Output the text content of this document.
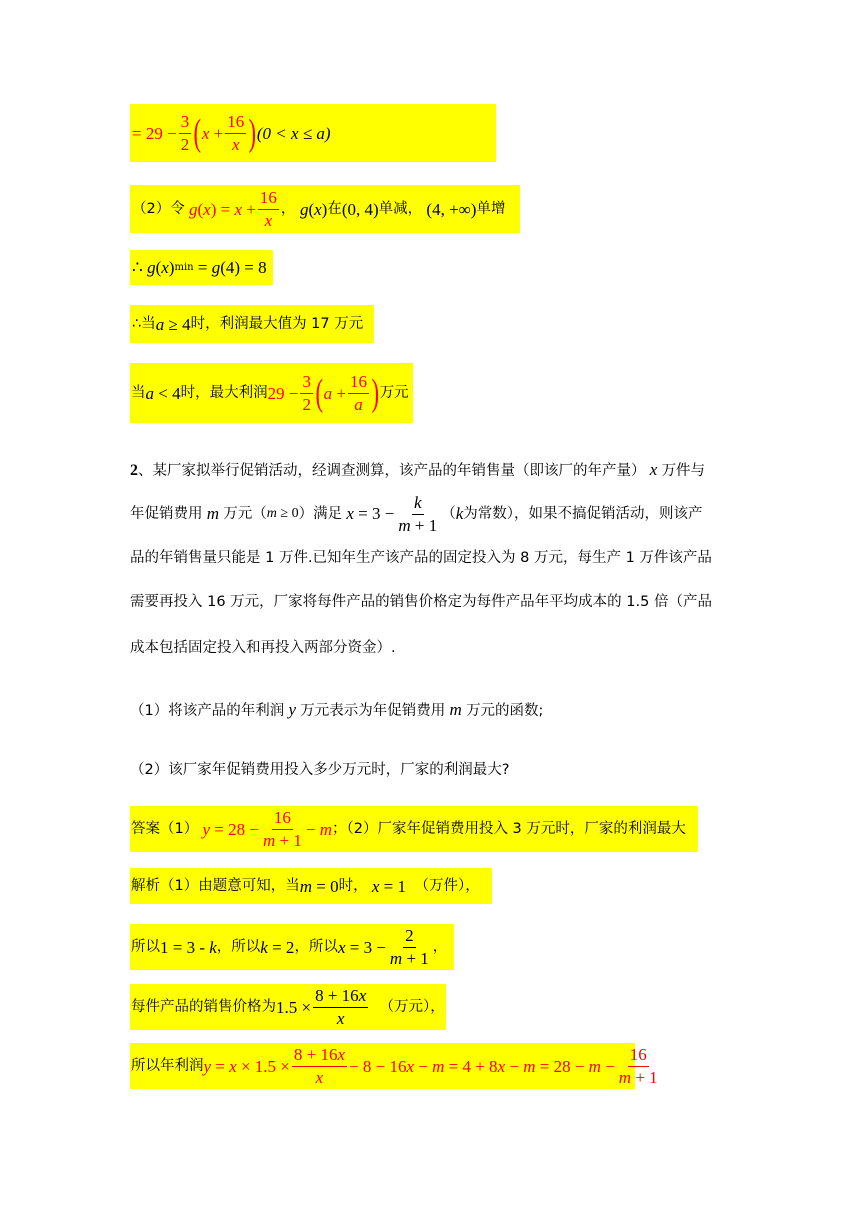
= $29 - \frac{3}{2}$ ( $x + \frac{16}{x}$ ) (0 < x ≤ a)
（2）令 g ( x ) = $x + \frac{16}{x}$ ， g ( x ) 在 (0, 4) 单减， (4, +∞) 单增
∴ g ( x ) min = g (4) = 8
∴当 a ≥ 4 时，利润最大值为 17 万元
当 a < 4 时，最大利润 $29 - \frac{3}{2}$ ( $a + \frac{16}{a}$ ) 万元
2、某厂家拟举行促销活动，经调查测算，该产品的年销售量（即该厂的年产量） x 万件与
年促销费用 m 万元（ m ≥ 0 ）满足 $x = 3 - \frac{k}{m + 1}$ （ k 为常数），如果不搞促销活动，则该产
品的年销售量只能是 1 万件.已知年生产该产品的固定投入为 8 万元，每生产 1 万件该产品
需要再投入 16 万元，厂家将每件产品的销售价格定为每件产品年平均成本的 1.5 倍（产品
成本包括固定投入和再投入两部分资金）.
（1）将该产品的年利润 y 万元表示为年促销费用 m 万元的函数;
（2）该厂家年促销费用投入多少万元时，厂家的利润最大?
答案（1） $y = 28 - \frac{16}{m + 1} - m$ ；（2）厂家年促销费用投入 3 万元时，厂家的利润最大
解析（1）由题意可知，当 m = 0 时， x = 1 （万件），
所以 1 = 3 - k ，所以 k = 2 ，所以 $x = 3 - \frac{2}{m + 1}$ ，
每件产品的销售价格为 $1.5 \times \frac{8 + 16x}{x}$
（万元），
所以年利润 $y = x \times 1.5 \times \frac{8 + 16x}{x} - 8 - 16$ x − m = 4 + 8 $x - m = 28 - m - \frac{16}{m + 1}$
